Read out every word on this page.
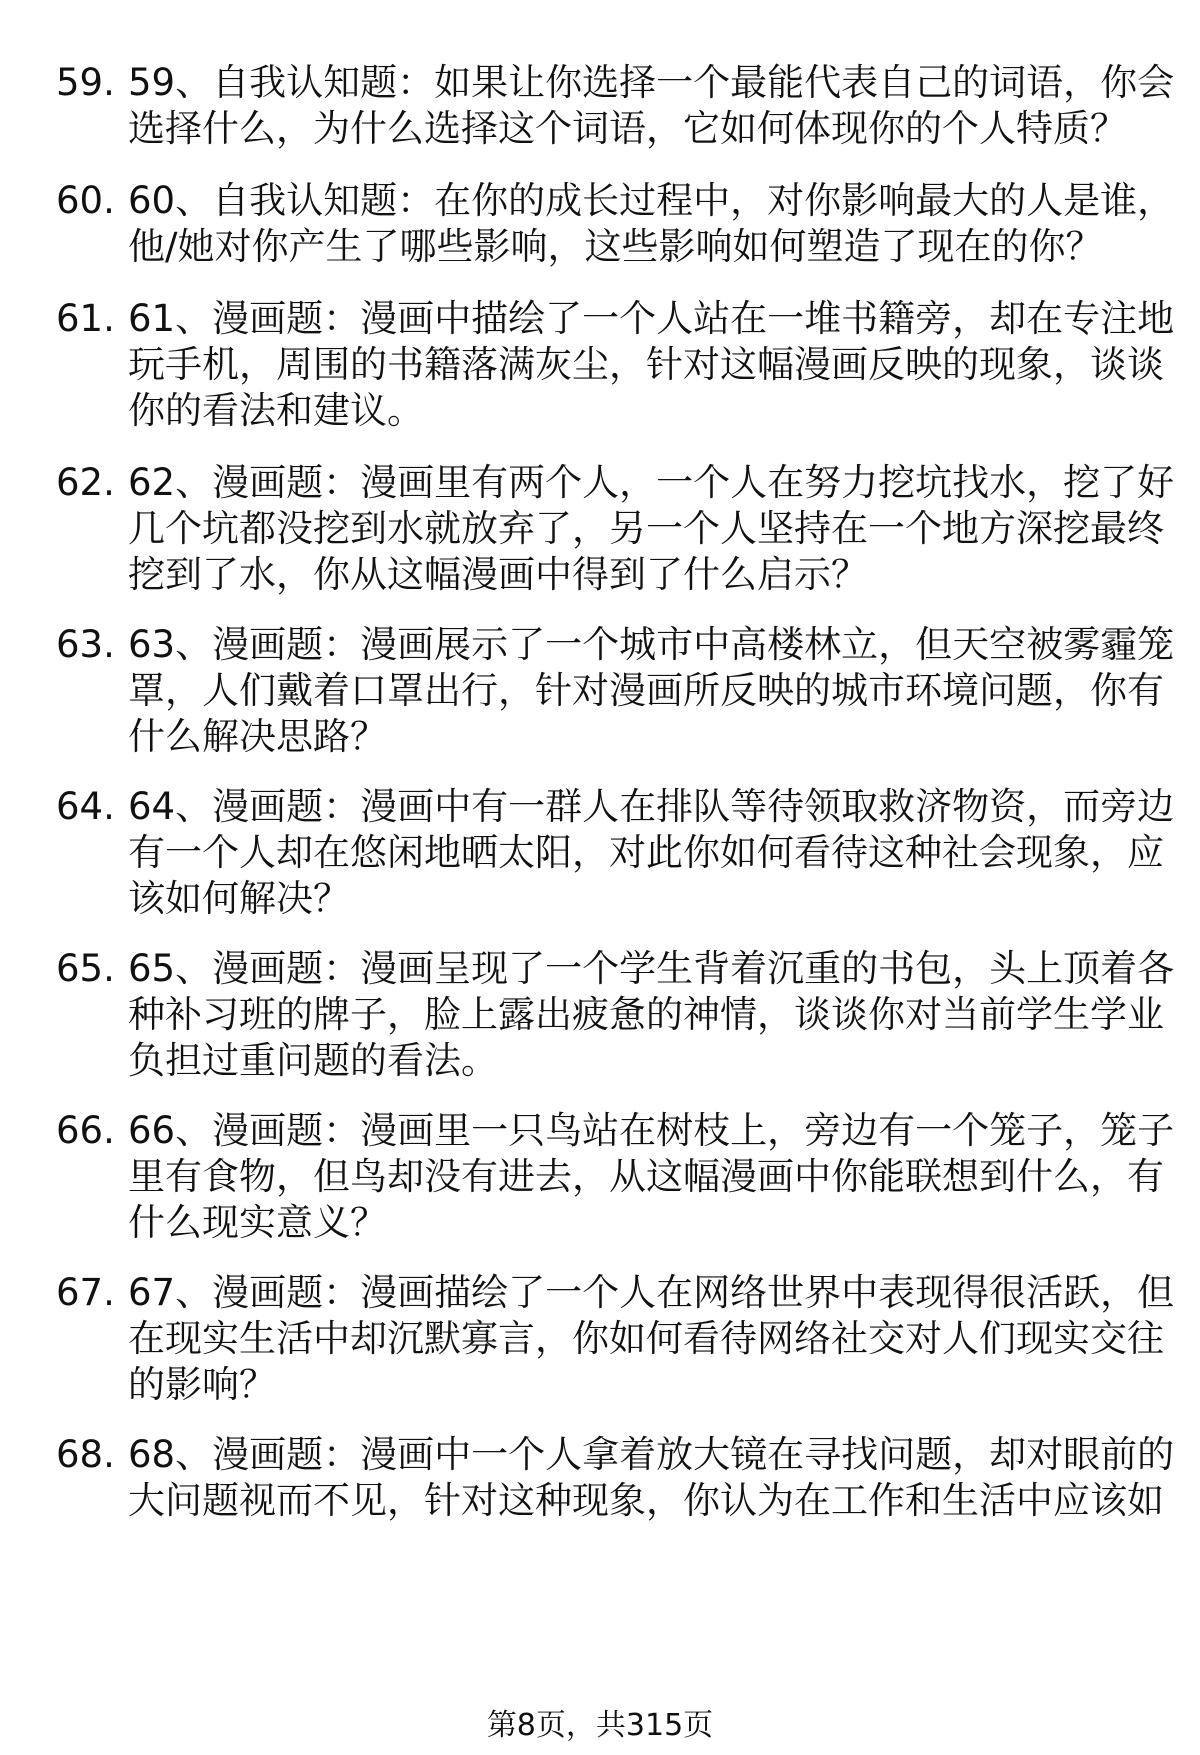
59. 59、自我认知题：如果让你选择一个最能代表自己的词语，你会
选择什么，为什么选择这个词语，它如何体现你的个人特质？
60. 60、自我认知题：在你的成长过程中，对你影响最大的人是谁，
他/她对你产生了哪些影响，这些影响如何塑造了现在的你？
61. 61、漫画题：漫画中描绘了一个人站在一堆书籍旁，却在专注地
玩手机，周围的书籍落满灰尘，针对这幅漫画反映的现象，谈谈
你的看法和建议。
62. 62、漫画题：漫画里有两个人，一个人在努力挖坑找水，挖了好
几个坑都没挖到水就放弃了，另一个人坚持在一个地方深挖最终
挖到了水，你从这幅漫画中得到了什么启示？
63. 63、漫画题：漫画展示了一个城市中高楼林立，但天空被雾霾笼
罩，人们戴着口罩出行，针对漫画所反映的城市环境问题，你有
什么解决思路？
64. 64、漫画题：漫画中有一群人在排队等待领取救济物资，而旁边
有一个人却在悠闲地晒太阳，对此你如何看待这种社会现象，应
该如何解决？
65. 65、漫画题：漫画呈现了一个学生背着沉重的书包，头上顶着各
种补习班的牌子，脸上露出疲惫的神情，谈谈你对当前学生学业
负担过重问题的看法。
66. 66、漫画题：漫画里一只鸟站在树枝上，旁边有一个笼子，笼子
里有食物，但鸟却没有进去，从这幅漫画中你能联想到什么，有
什么现实意义？
67. 67、漫画题：漫画描绘了一个人在网络世界中表现得很活跃，但
在现实生活中却沉默寡言，你如何看待网络社交对人们现实交往
的影响？
68. 68、漫画题：漫画中一个人拿着放大镜在寻找问题，却对眼前的
大问题视而不见，针对这种现象，你认为在工作和生活中应该如
第8页，共315页
